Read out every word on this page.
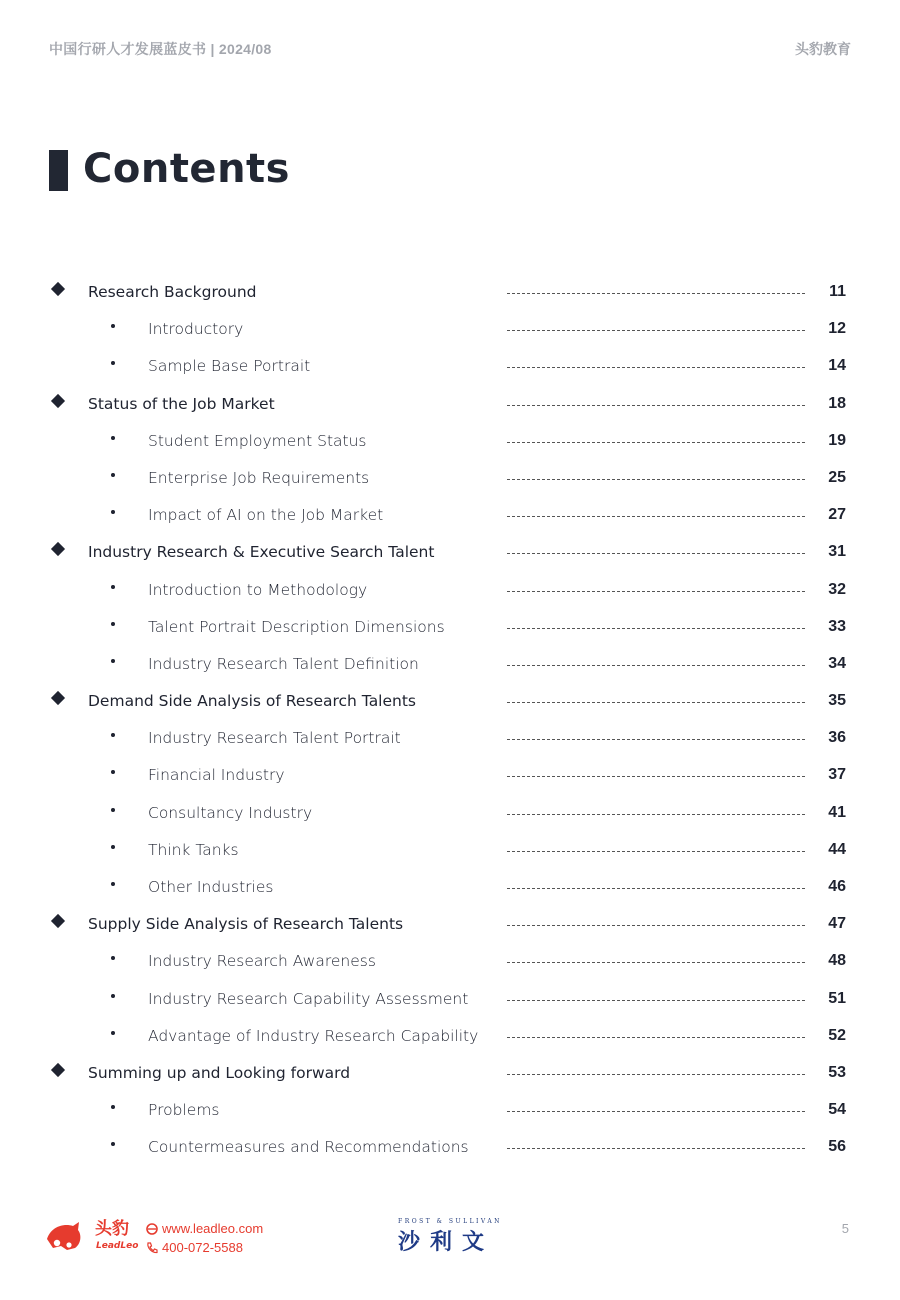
中国行研人才发展蓝皮书 | 2024/08	头豹教育
Contents
Research Background	11
Introductory	12
Sample Base Portrait	14
Status of the Job Market	18
Student Employment Status	19
Enterprise Job Requirements	25
Impact of AI on the Job Market	27
Industry Research & Executive Search Talent	31
Introduction to Methodology	32
Talent Portrait Description Dimensions	33
Industry Research Talent Definition	34
Demand Side Analysis of Research Talents	35
Industry Research Talent Portrait	36
Financial Industry	37
Consultancy Industry	41
Think Tanks	44
Other Industries	46
Supply Side Analysis of Research Talents	47
Industry Research Awareness	48
Industry Research Capability Assessment	51
Advantage of Industry Research Capability	52
Summing up and Looking forward	53
Problems	54
Countermeasures and Recommendations	56
头豹
LeadLeo
www.leadleo.com
400-072-5588
FROST & SULLIVAN
沙利文
5
